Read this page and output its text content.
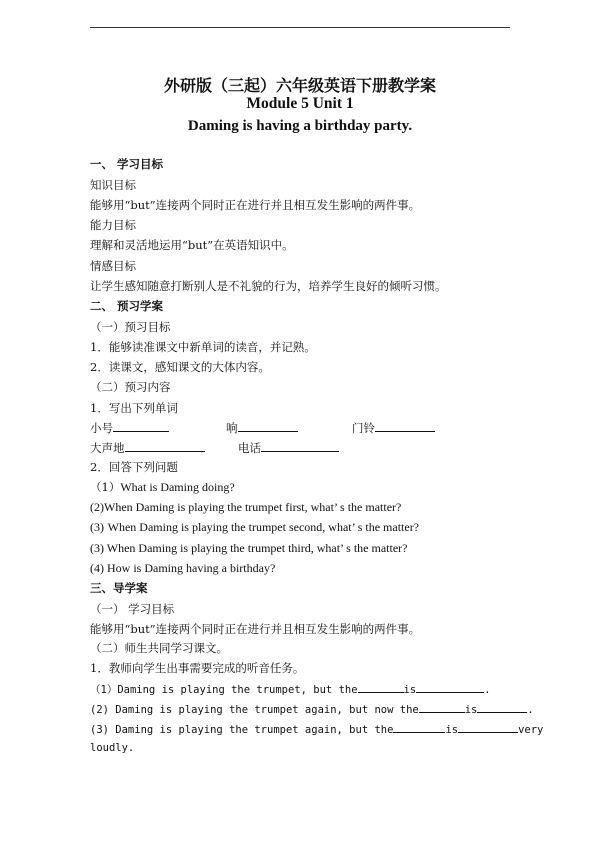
外研版（三起）六年级英语下册教学案
Module 5 Unit 1
Daming is having a birthday party.
一、 学习目标
知识目标
能够用“but”连接两个同时正在进行并且相互发生影响的两件事。
能力目标
理解和灵活地运用“but”在英语知识中。
情感目标
让学生感知随意打断别人是不礼貌的行为，培养学生良好的倾听习惯。
二、 预习学案
（一）预习目标
1．能够读准课文中新单词的读音，并记熟。
2．读课文，感知课文的大体内容。
（二）预习内容
1．写出下列单词
小号	响	门铃
大声地	电话
2．回答下列问题
（1）What is Daming doing?
(2)When Daming is playing the trumpet first, what’ s the matter?
(3) When Daming is playing the trumpet second, what’ s the matter?
(3) When Daming is playing the trumpet third, what’ s the matter?
(4) How is Daming having a birthday?
三、导学案
（一） 学习目标
能够用“but”连接两个同时正在进行并且相互发生影响的两件事。
（二）师生共同学习课文。
1．教师向学生出事需要完成的听音任务。
（1）Daming is playing the trumpet, but the	is	.
(2) Daming is playing the trumpet again, but now the	is	.
(3) Daming is playing the trumpet again, but the	is	very
loudly.
